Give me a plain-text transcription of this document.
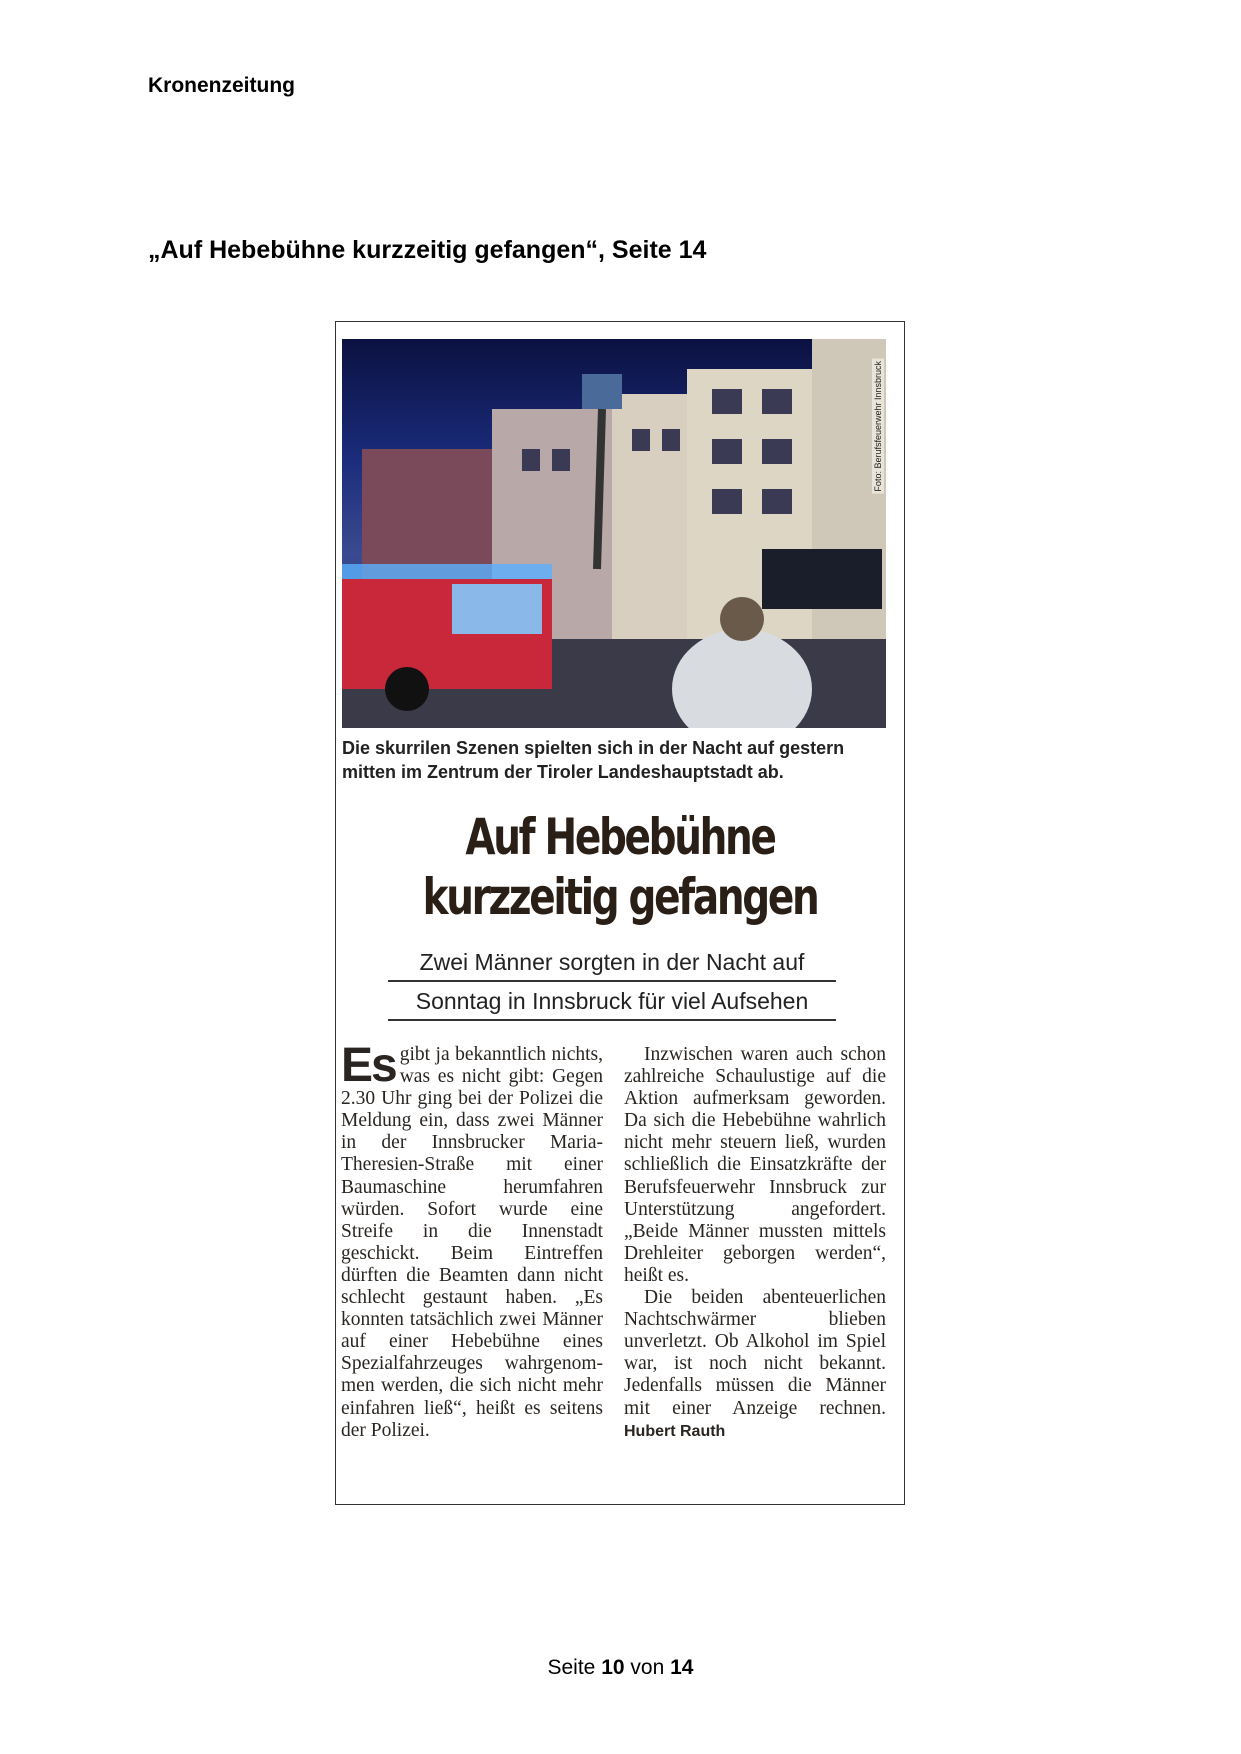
Kronenzeitung
„Auf Hebebühne kurzzeitig gefangen“, Seite 14
Foto: Berufsfeuerwehr Innsbruck
Die skurrilen Szenen spielten sich in der Nacht auf gestern mitten im Zentrum der Tiroler Landeshauptstadt ab.
Auf Hebebühne
kurzzeitig gefangen
Zwei Männer sorgten in der Nacht auf
Sonntag in Innsbruck für viel Aufsehen

Es gibt ja bekanntlich nichts, was es nicht gibt: Gegen 2.30 Uhr ging bei der Polizei die Meldung ein, dass zwei Männer in der Innsbrucker Maria-Theresien-Straße mit einer Baumaschine herumfahren würden. Sofort wurde eine Streife in die Innenstadt geschickt. Beim Eintreffen dürften die Beamten dann nicht schlecht gestaunt haben. „Es konnten tatsächlich zwei Männer auf einer Hebebühne eines Spezialfahrzeuges wahrgenommen werden, die sich nicht mehr einfahren ließ“, heißt es seitens der Polizei.

Inzwischen waren auch schon zahlreiche Schaulustige auf die Aktion aufmerksam geworden. Da sich die Hebebühne wahrlich nicht mehr steuern ließ, wurden schließlich die Einsatzkräfte der Berufsfeuerwehr Innsbruck zur Unterstützung angefordert. „Beide Männer mussten mittels Drehleiter geborgen werden“, heißt es.

Die beiden abenteuerlichen Nachtschwärmer blieben unverletzt. Ob Alkohol im Spiel war, ist noch nicht bekannt. Jedenfalls müssen die Männer mit einer Anzeige rechnen. Hubert Rauth

Seite 10 von 14
